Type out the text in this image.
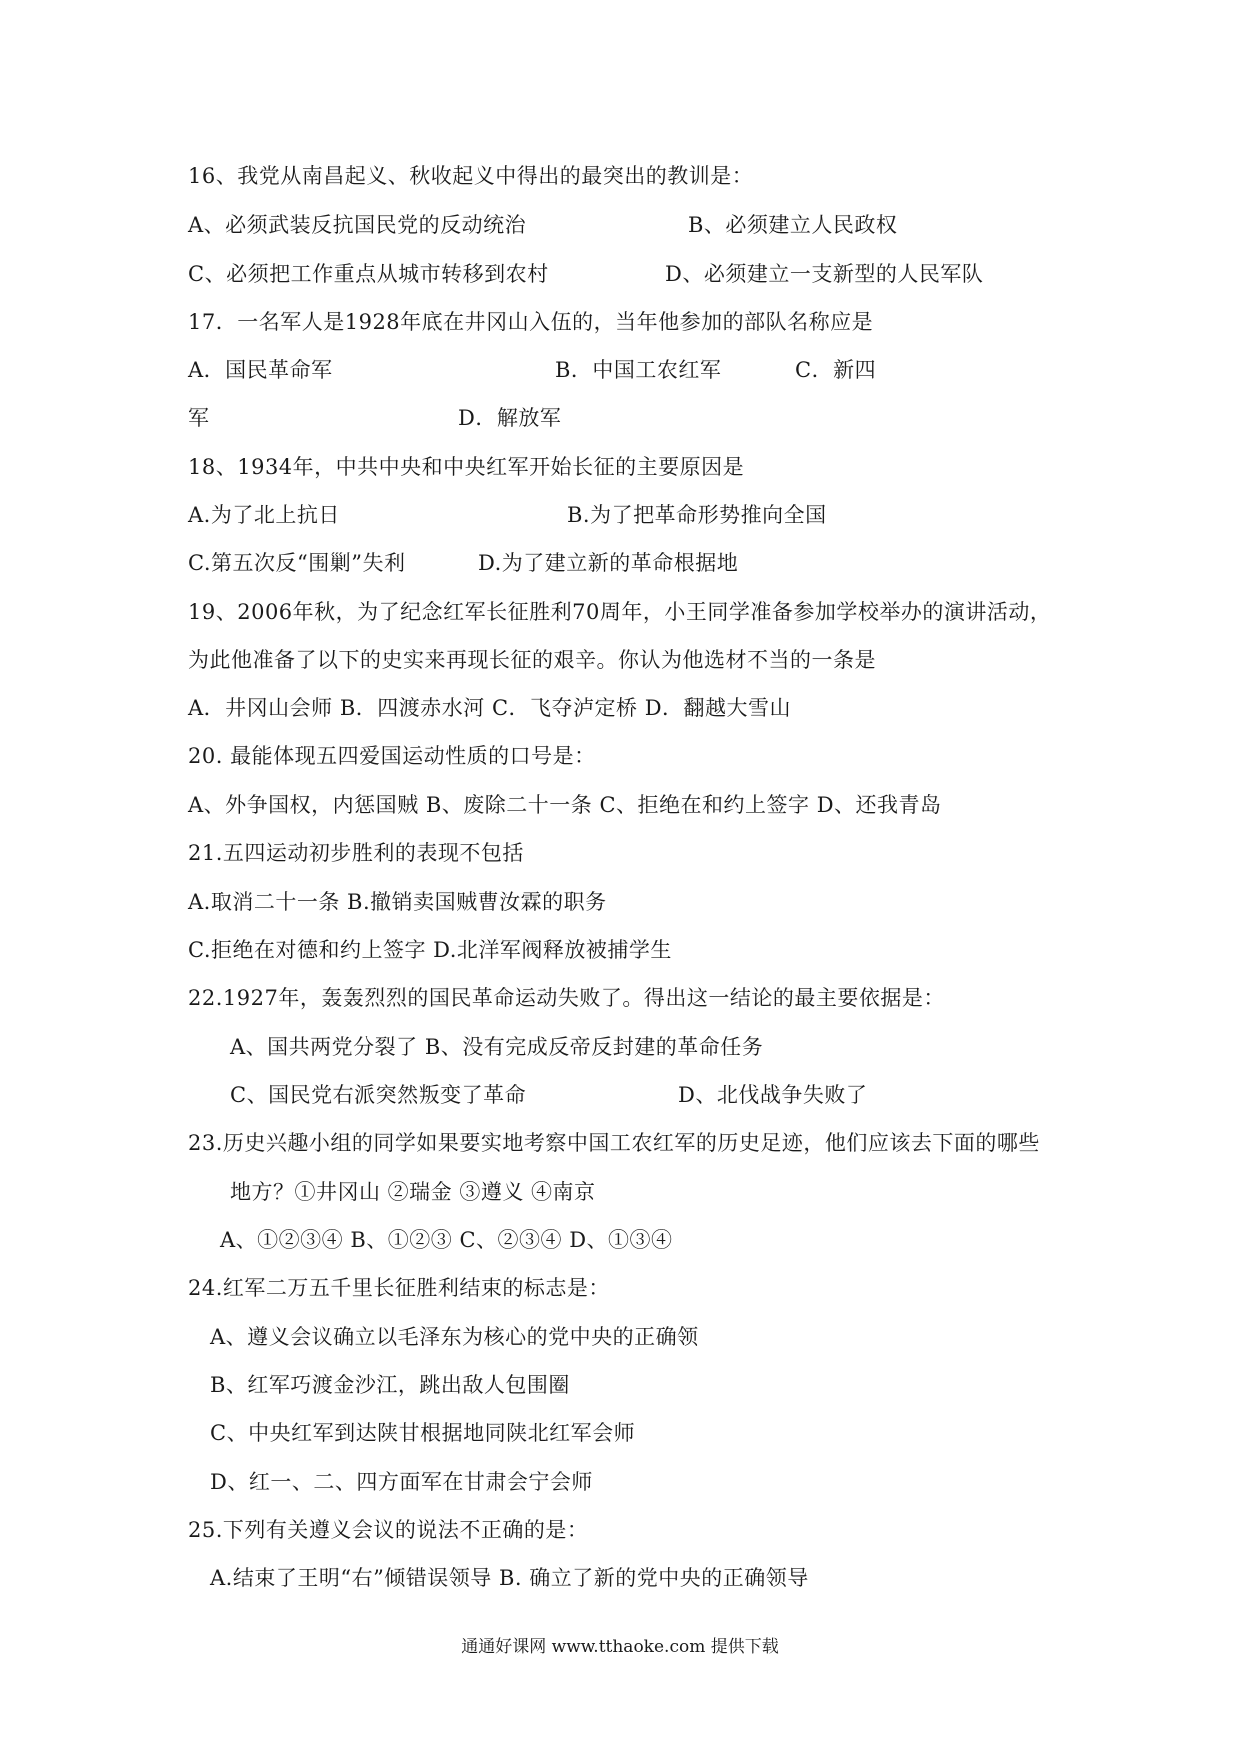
16、我党从南昌起义、秋收起义中得出的最突出的教训是：
A、必须武装反抗国民党的反动统治	B、必须建立人民政权
C、必须把工作重点从城市转移到农村	D、必须建立一支新型的人民军队
17．一名军人是1928年底在井冈山入伍的，当年他参加的部队名称应是
A．国民革命军	B．中国工农红军	C．新四
军	D．解放军
18、1934年，中共中央和中央红军开始长征的主要原因是
A.为了北上抗日	B.为了把革命形势推向全国
C.第五次反“围剿”失利	D.为了建立新的革命根据地
19、2006年秋，为了纪念红军长征胜利70周年，小王同学准备参加学校举办的演讲活动，
为此他准备了以下的史实来再现长征的艰辛。你认为他选材不当的一条是
A．井冈山会师 B．四渡赤水河 C．飞夺泸定桥 D．翻越大雪山
20. 最能体现五四爱国运动性质的口号是：
A、外争国权，内惩国贼 B、废除二十一条 C、拒绝在和约上签字 D、还我青岛
21.五四运动初步胜利的表现不包括
A.取消二十一条 B.撤销卖国贼曹汝霖的职务
C.拒绝在对德和约上签字 D.北洋军阀释放被捕学生
22.1927年，轰轰烈烈的国民革命运动失败了。得出这一结论的最主要依据是：
A、国共两党分裂了 B、没有完成反帝反封建的革命任务
C、国民党右派突然叛变了革命	D、北伐战争失败了
23.历史兴趣小组的同学如果要实地考察中国工农红军的历史足迹，他们应该去下面的哪些
地方？①井冈山 ②瑞金 ③遵义 ④南京
A、①②③④ B、①②③ C、②③④ D、①③④
24.红军二万五千里长征胜利结束的标志是：
A、遵义会议确立以毛泽东为核心的党中央的正确领
B、红军巧渡金沙江，跳出敌人包围圈
C、中央红军到达陕甘根据地同陕北红军会师
D、红一、二、四方面军在甘肃会宁会师
25.下列有关遵义会议的说法不正确的是：
A.结束了王明“右”倾错误领导 B. 确立了新的党中央的正确领导
通通好课网 www.tthaoke.com 提供下载
